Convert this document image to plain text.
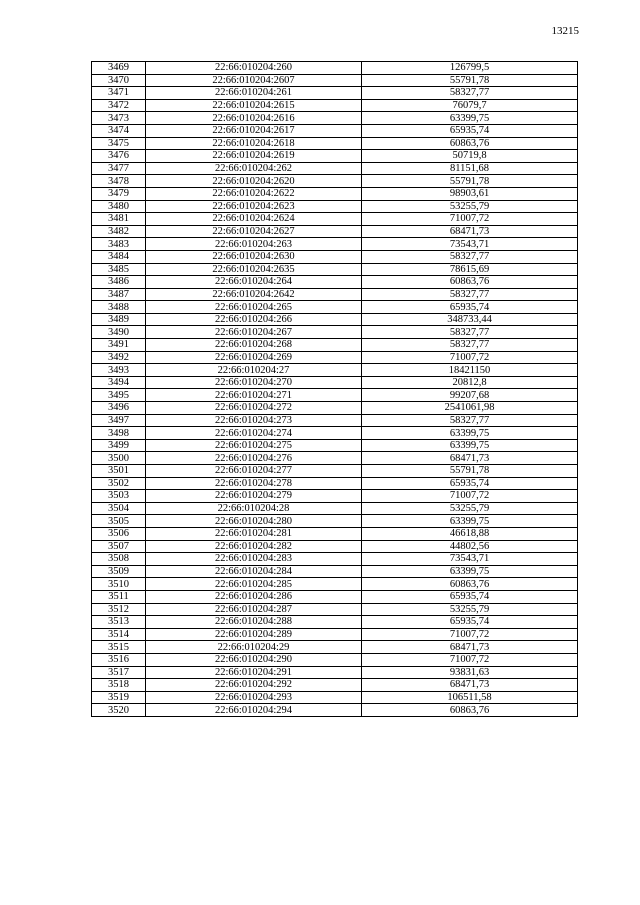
13215
3469	22:66:010204:260	126799,5
3470	22:66:010204:2607	55791,78
3471	22:66:010204:261	58327,77
3472	22:66:010204:2615	76079,7
3473	22:66:010204:2616	63399,75
3474	22:66:010204:2617	65935,74
3475	22:66:010204:2618	60863,76
3476	22:66:010204:2619	50719,8
3477	22:66:010204:262	81151,68
3478	22:66:010204:2620	55791,78
3479	22:66:010204:2622	98903,61
3480	22:66:010204:2623	53255,79
3481	22:66:010204:2624	71007,72
3482	22:66:010204:2627	68471,73
3483	22:66:010204:263	73543,71
3484	22:66:010204:2630	58327,77
3485	22:66:010204:2635	78615,69
3486	22:66:010204:264	60863,76
3487	22:66:010204:2642	58327,77
3488	22:66:010204:265	65935,74
3489	22:66:010204:266	348733,44
3490	22:66:010204:267	58327,77
3491	22:66:010204:268	58327,77
3492	22:66:010204:269	71007,72
3493	22:66:010204:27	18421150
3494	22:66:010204:270	20812,8
3495	22:66:010204:271	99207,68
3496	22:66:010204:272	2541061,98
3497	22:66:010204:273	58327,77
3498	22:66:010204:274	63399,75
3499	22:66:010204:275	63399,75
3500	22:66:010204:276	68471,73
3501	22:66:010204:277	55791,78
3502	22:66:010204:278	65935,74
3503	22:66:010204:279	71007,72
3504	22:66:010204:28	53255,79
3505	22:66:010204:280	63399,75
3506	22:66:010204:281	46618,88
3507	22:66:010204:282	44802,56
3508	22:66:010204:283	73543,71
3509	22:66:010204:284	63399,75
3510	22:66:010204:285	60863,76
3511	22:66:010204:286	65935,74
3512	22:66:010204:287	53255,79
3513	22:66:010204:288	65935,74
3514	22:66:010204:289	71007,72
3515	22:66:010204:29	68471,73
3516	22:66:010204:290	71007,72
3517	22:66:010204:291	93831,63
3518	22:66:010204:292	68471,73
3519	22:66:010204:293	106511,58
3520	22:66:010204:294	60863,76
